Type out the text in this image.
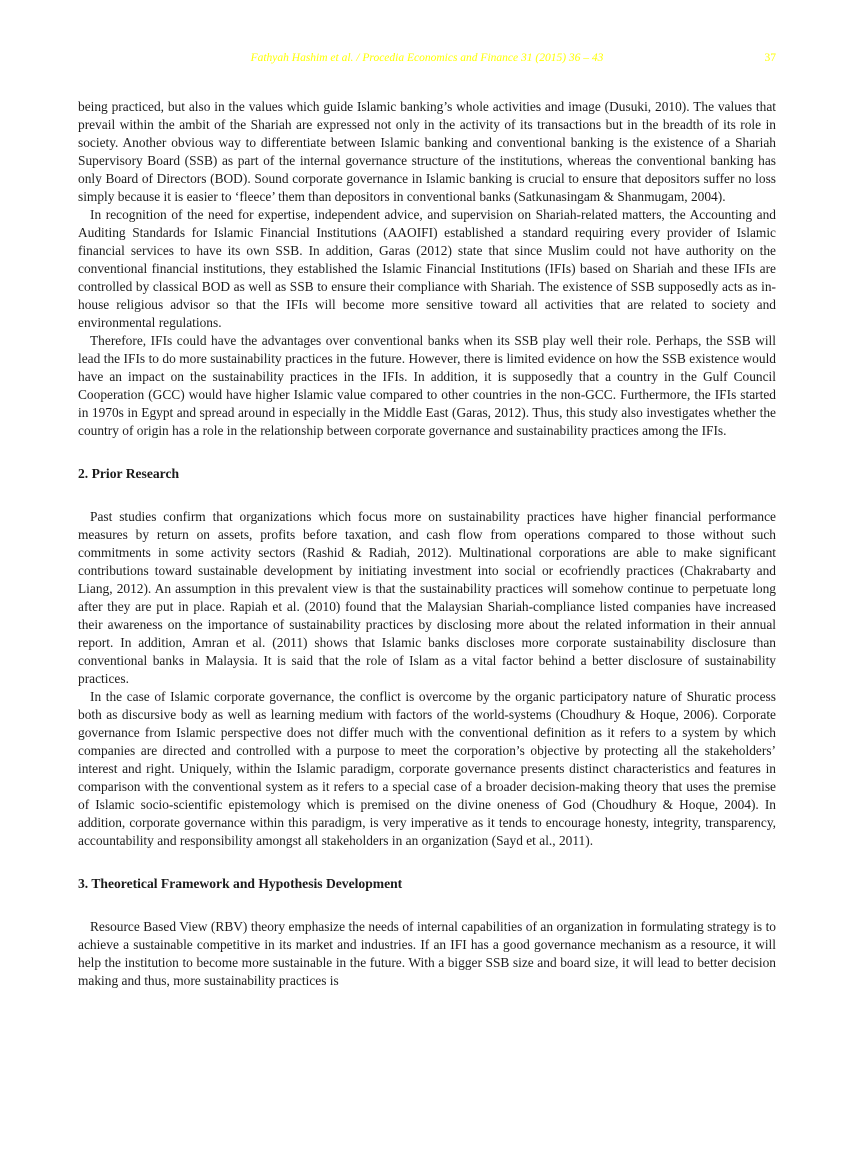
Fathyah Hashim et al. / Procedia Economics and Finance 31 (2015) 36 – 43	37

being practiced, but also in the values which guide Islamic banking’s whole activities and image (Dusuki, 2010). The values that prevail within the ambit of the Shariah are expressed not only in the activity of its transactions but in the breadth of its role in society. Another obvious way to differentiate between Islamic banking and conventional banking is the existence of a Shariah Supervisory Board (SSB) as part of the internal governance structure of the institutions, whereas the conventional banking has only Board of Directors (BOD). Sound corporate governance in Islamic banking is crucial to ensure that depositors suffer no loss simply because it is easier to ‘fleece’ them than depositors in conventional banks (Satkunasingam & Shanmugam, 2004).

In recognition of the need for expertise, independent advice, and supervision on Shariah-related matters, the Accounting and Auditing Standards for Islamic Financial Institutions (AAOIFI) established a standard requiring every provider of Islamic financial services to have its own SSB. In addition, Garas (2012) state that since Muslim could not have authority on the conventional financial institutions, they established the Islamic Financial Institutions (IFIs) based on Shariah and these IFIs are controlled by classical BOD as well as SSB to ensure their compliance with Shariah. The existence of SSB supposedly acts as in-house religious advisor so that the IFIs will become more sensitive toward all activities that are related to society and environmental regulations.

Therefore, IFIs could have the advantages over conventional banks when its SSB play well their role. Perhaps, the SSB will lead the IFIs to do more sustainability practices in the future. However, there is limited evidence on how the SSB existence would have an impact on the sustainability practices in the IFIs. In addition, it is supposedly that a country in the Gulf Council Cooperation (GCC) would have higher Islamic value compared to other countries in the non-GCC. Furthermore, the IFIs started in 1970s in Egypt and spread around in especially in the Middle East (Garas, 2012). Thus, this study also investigates whether the country of origin has a role in the relationship between corporate governance and sustainability practices among the IFIs.

2. Prior Research

Past studies confirm that organizations which focus more on sustainability practices have higher financial performance measures by return on assets, profits before taxation, and cash flow from operations compared to those without such commitments in some activity sectors (Rashid & Radiah, 2012). Multinational corporations are able to make significant contributions toward sustainable development by initiating investment into social or ecofriendly practices (Chakrabarty and Liang, 2012). An assumption in this prevalent view is that the sustainability practices will somehow continue to perpetuate long after they are put in place. Rapiah et al. (2010) found that the Malaysian Shariah-compliance listed companies have increased their awareness on the importance of sustainability practices by disclosing more about the related information in their annual report. In addition, Amran et al. (2011) shows that Islamic banks discloses more corporate sustainability disclosure than conventional banks in Malaysia. It is said that the role of Islam as a vital factor behind a better disclosure of sustainability practices.

In the case of Islamic corporate governance, the conflict is overcome by the organic participatory nature of Shuratic process both as discursive body as well as learning medium with factors of the world-systems (Choudhury & Hoque, 2006). Corporate governance from Islamic perspective does not differ much with the conventional definition as it refers to a system by which companies are directed and controlled with a purpose to meet the corporation’s objective by protecting all the stakeholders’ interest and right. Uniquely, within the Islamic paradigm, corporate governance presents distinct characteristics and features in comparison with the conventional system as it refers to a special case of a broader decision-making theory that uses the premise of Islamic socio-scientific epistemology which is premised on the divine oneness of God (Choudhury & Hoque, 2004). In addition, corporate governance within this paradigm, is very imperative as it tends to encourage honesty, integrity, transparency, accountability and responsibility amongst all stakeholders in an organization (Sayd et al., 2011).

3. Theoretical Framework and Hypothesis Development

Resource Based View (RBV) theory emphasize the needs of internal capabilities of an organization in formulating strategy is to achieve a sustainable competitive in its market and industries. If an IFI has a good governance mechanism as a resource, it will help the institution to become more sustainable in the future. With a bigger SSB size and board size, it will lead to better decision making and thus, more sustainability practices is
